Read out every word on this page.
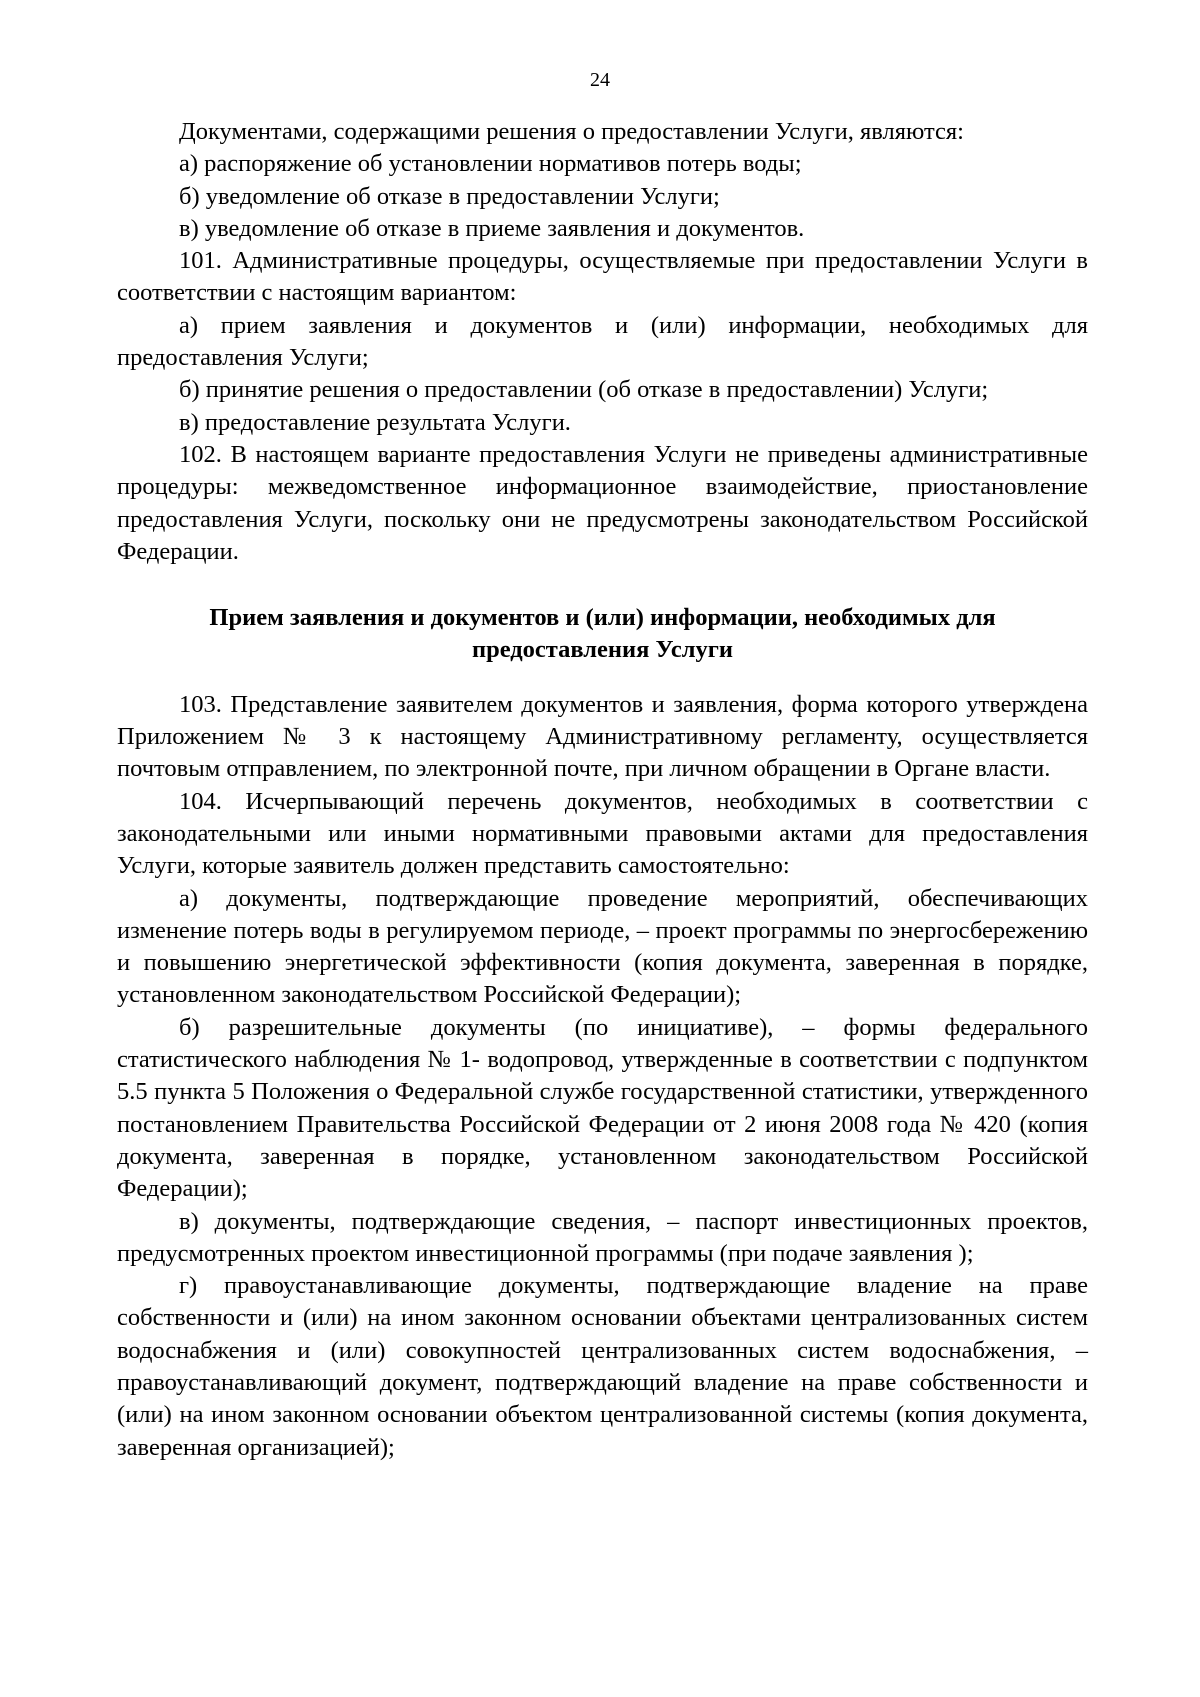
24

Документами, содержащими решения о предоставлении Услуги, являются:

а) распоряжение об установлении нормативов потерь воды;

б) уведомление об отказе в предоставлении Услуги;

в) уведомление об отказе в приеме заявления и документов.

101. Административные процедуры, осуществляемые при предоставлении Услуги в соответствии с настоящим вариантом:

а) прием заявления и документов и (или) информации, необходимых для предоставления Услуги;

б) принятие решения о предоставлении (об отказе в предоставлении) Услуги;

в) предоставление результата Услуги.

102. В настоящем варианте предоставления Услуги не приведены административные процедуры: межведомственное информационное взаимодействие, приостановление предоставления Услуги, поскольку они не предусмотрены законодательством Российской Федерации.

Прием заявления и документов и (или) информации, необходимых для предоставления Услуги

103. Представление заявителем документов и заявления, форма которого утверждена Приложением № 3 к настоящему Административному регламенту, осуществляется почтовым отправлением, по электронной почте, при личном обращении в Органе власти.

104. Исчерпывающий перечень документов, необходимых в соответствии с законодательными или иными нормативными правовыми актами для предоставления Услуги, которые заявитель должен представить самостоятельно:

а) документы, подтверждающие проведение мероприятий, обеспечивающих изменение потерь воды в регулируемом периоде, – проект программы по энергосбережению и повышению энергетической эффективности (копия документа, заверенная в порядке, установленном законодательством Российской Федерации);

б) разрешительные документы (по инициативе), – формы федерального статистического наблюдения № 1- водопровод, утвержденные в соответствии с подпунктом 5.5 пункта 5 Положения о Федеральной службе государственной статистики, утвержденного постановлением Правительства Российской Федерации от 2 июня 2008 года № 420 (копия документа, заверенная в порядке, установленном законодательством Российской Федерации);

в) документы, подтверждающие сведения, – паспорт инвестиционных проектов, предусмотренных проектом инвестиционной программы (при подаче заявления );

г) правоустанавливающие документы, подтверждающие владение на праве собственности и (или) на ином законном основании объектами централизованных систем водоснабжения и (или) совокупностей централизованных систем водоснабжения, – правоустанавливающий документ, подтверждающий владение на праве собственности и (или) на ином законном основании объектом централизованной системы (копия документа, заверенная организацией);
